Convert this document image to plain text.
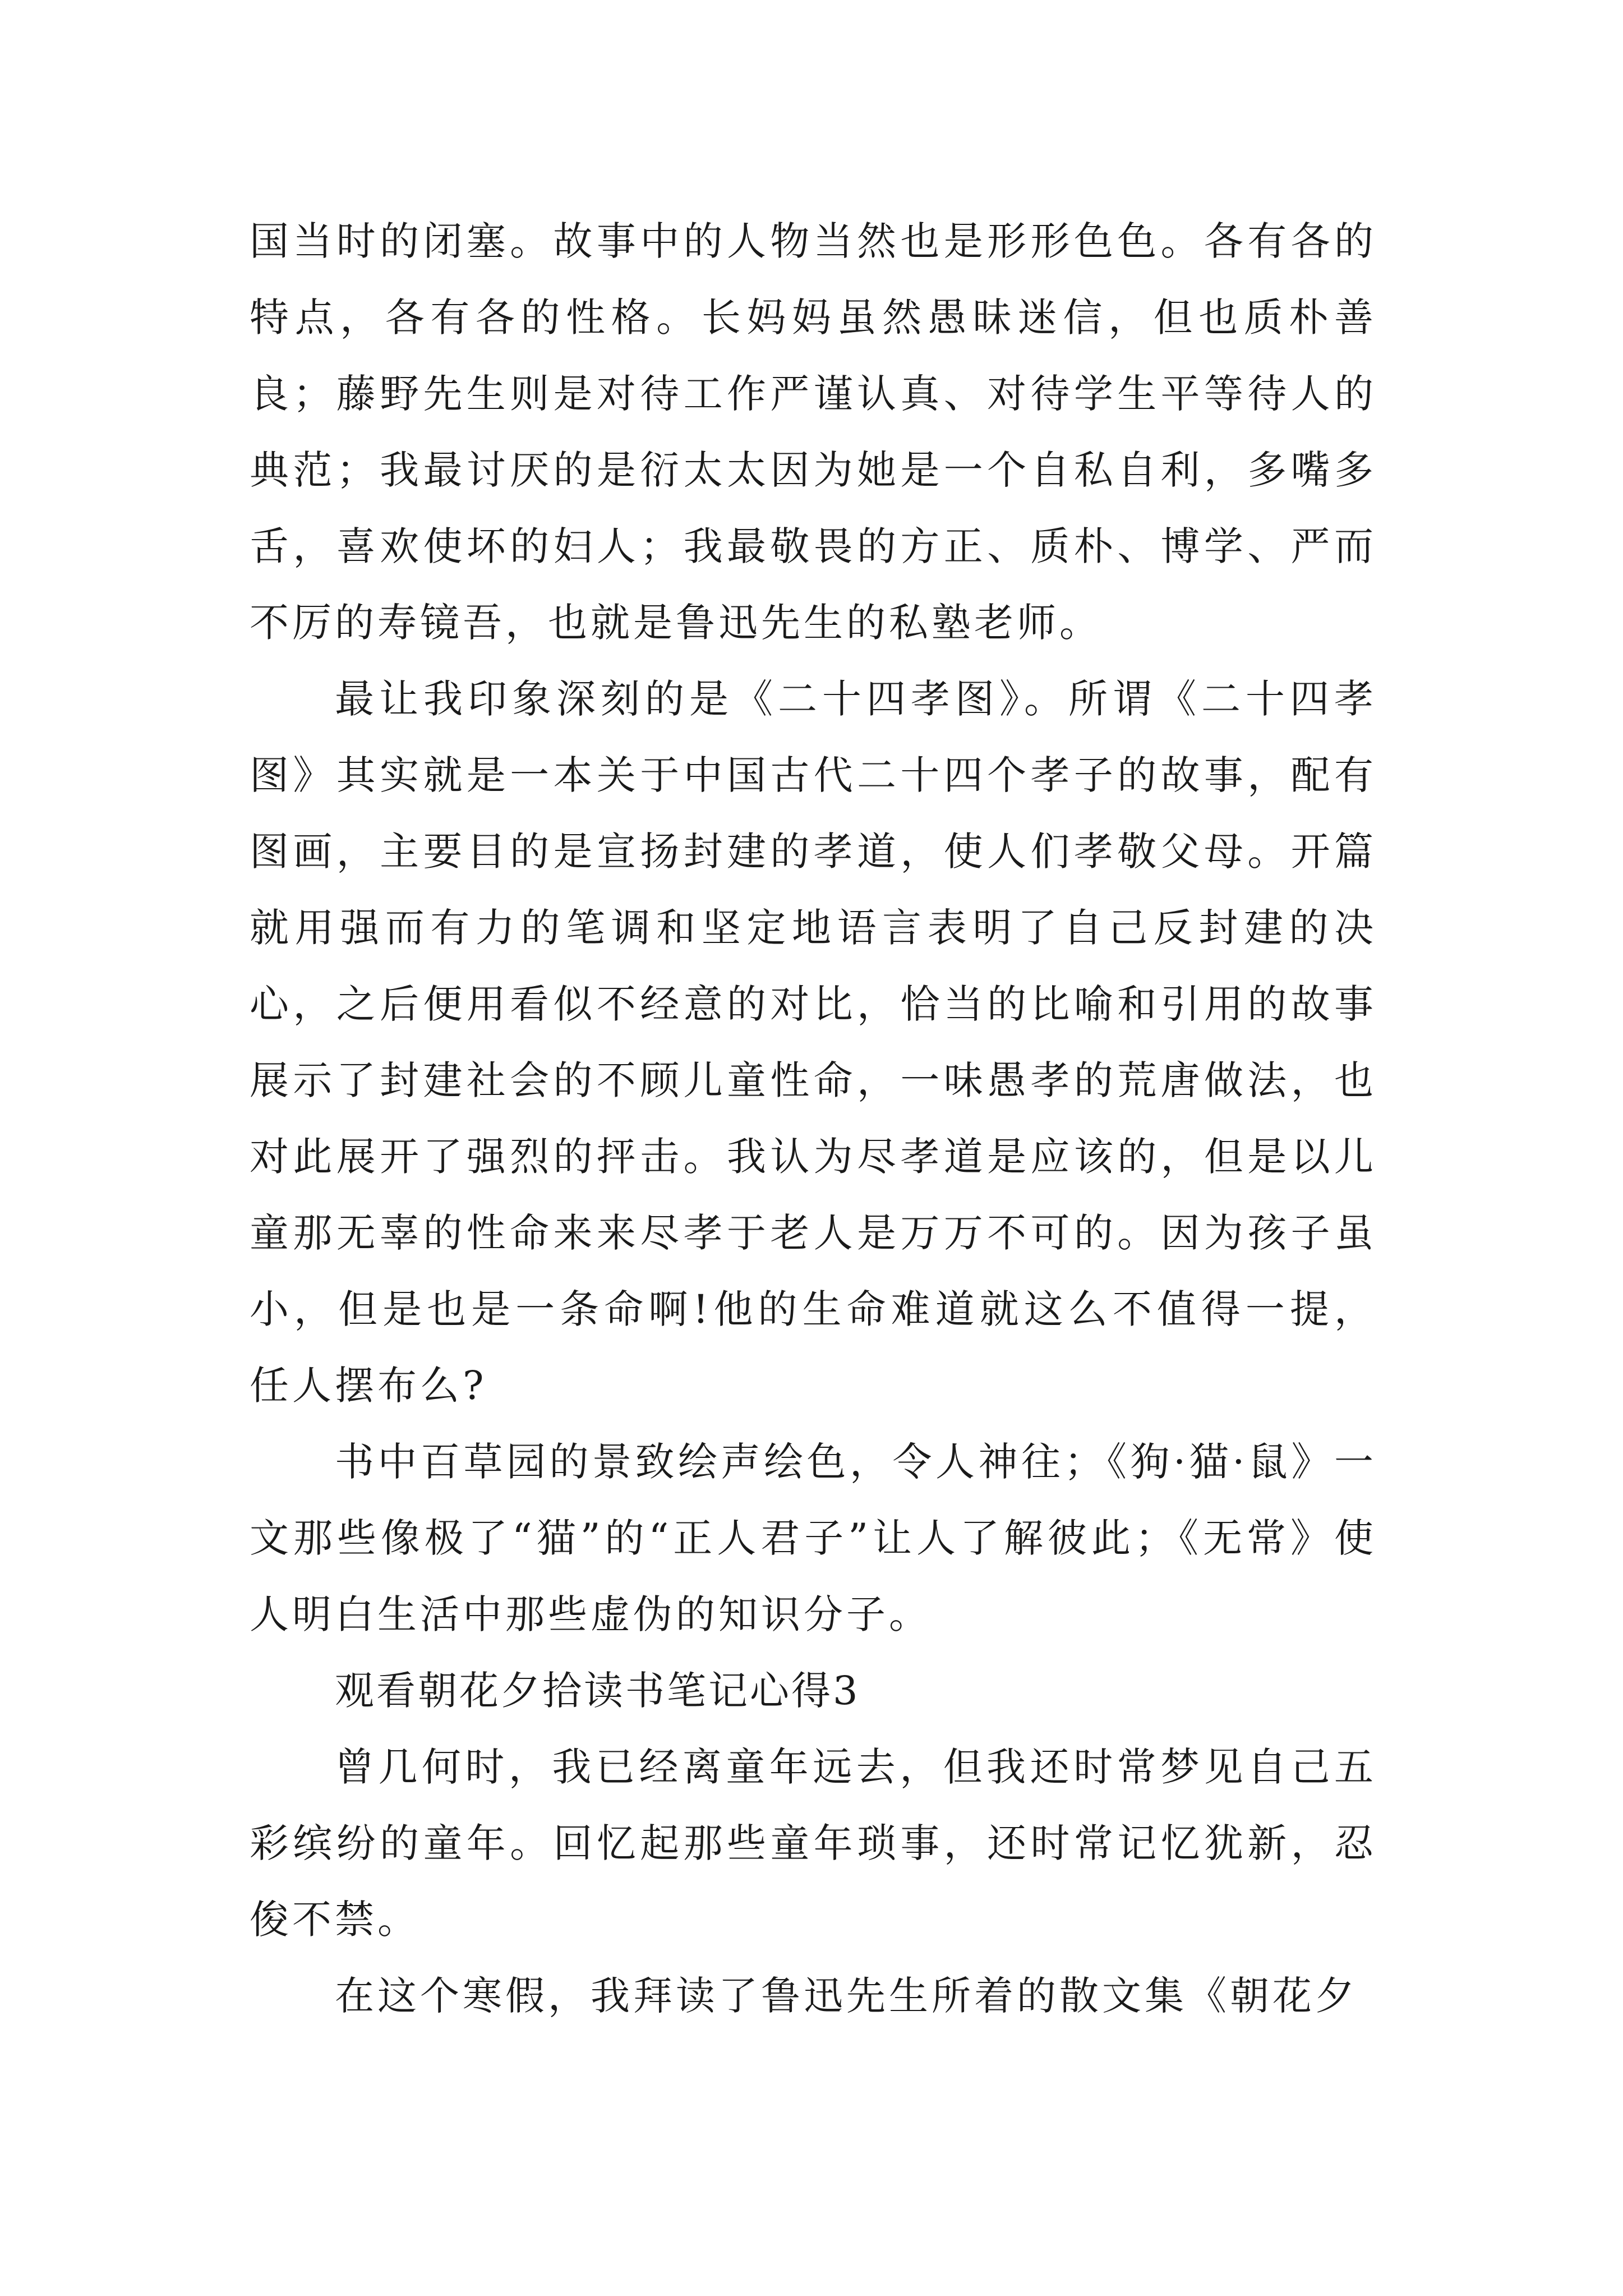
国当时的闭塞。故事中的人物当然也是形形色色。各有各的特点，各有各的性格。长妈妈虽然愚昧迷信，但也质朴善良；藤野先生则是对待工作严谨认真、对待学生平等待人的典范；我最讨厌的是衍太太因为她是一个自私自利，多嘴多舌，喜欢使坏的妇人；我最敬畏的方正、质朴、博学、严而不厉的寿镜吾，也就是鲁迅先生的私塾老师。

最让我印象深刻的是《二十四孝图》。所谓《二十四孝图》其实就是一本关于中国古代二十四个孝子的故事，配有图画，主要目的是宣扬封建的孝道，使人们孝敬父母。开篇就用强而有力的笔调和坚定地语言表明了自己反封建的决心，之后便用看似不经意的对比，恰当的比喻和引用的故事展示了封建社会的不顾儿童性命，一味愚孝的荒唐做法，也对此展开了强烈的抨击。我认为尽孝道是应该的，但是以儿童那无辜的性命来来尽孝于老人是万万不可的。因为孩子虽小，但是也是一条命啊!他的生命难道就这么不值得一提，任人摆布么?

书中百草园的景致绘声绘色，令人神往；《狗·猫·鼠》一文那些像极了“猫”的“正人君子”让人了解彼此；《无常》使人明白生活中那些虚伪的知识分子。

观看朝花夕拾读书笔记心得3

曾几何时，我已经离童年远去，但我还时常梦见自己五彩缤纷的童年。回忆起那些童年琐事，还时常记忆犹新，忍俊不禁。

在这个寒假，我拜读了鲁迅先生所着的散文集《朝花夕
